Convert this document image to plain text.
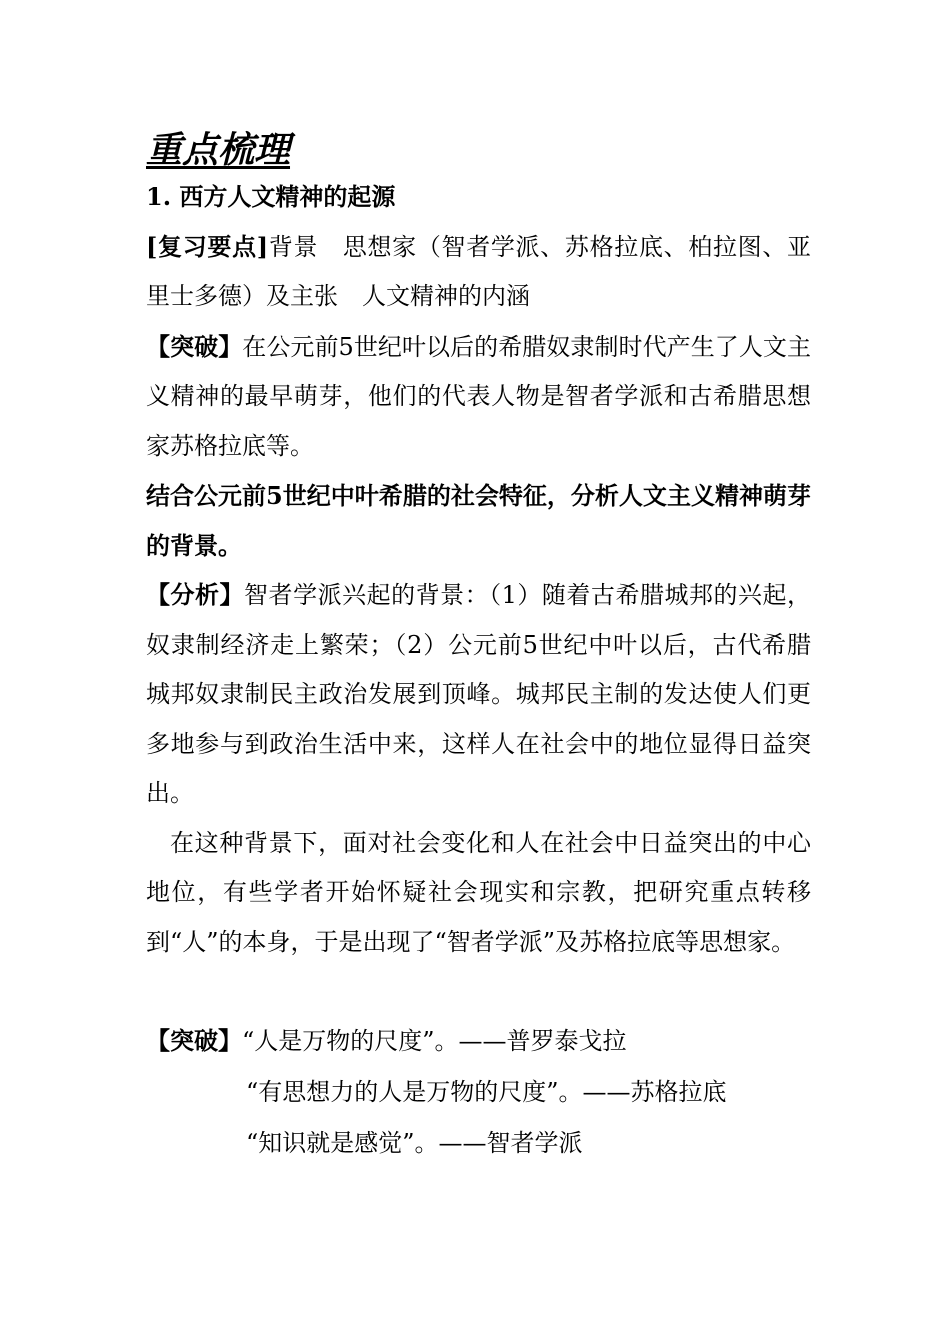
重点梳理

1. 西方人文精神的起源

[复习要点]背景　思想家（智者学派、苏格拉底、柏拉图、亚里士多德）及主张　人文精神的内涵

【突破】在公元前5世纪叶以后的希腊奴隶制时代产生了人文主义精神的最早萌芽，他们的代表人物是智者学派和古希腊思想家苏格拉底等。

结合公元前5世纪中叶希腊的社会特征，分析人文主义精神萌芽的背景。

【分析】智者学派兴起的背景：（1）随着古希腊城邦的兴起，奴隶制经济走上繁荣；（2）公元前5世纪中叶以后，古代希腊城邦奴隶制民主政治发展到顶峰。城邦民主制的发达使人们更多地参与到政治生活中来，这样人在社会中的地位显得日益突出。

在这种背景下，面对社会变化和人在社会中日益突出的中心地位，有些学者开始怀疑社会现实和宗教，把研究重点转移到“人”的本身，于是出现了“智者学派”及苏格拉底等思想家。

【突破】“人是万物的尺度”。——普罗泰戈拉
“有思想力的人是万物的尺度”。——苏格拉底
“知识就是感觉”。——智者学派
